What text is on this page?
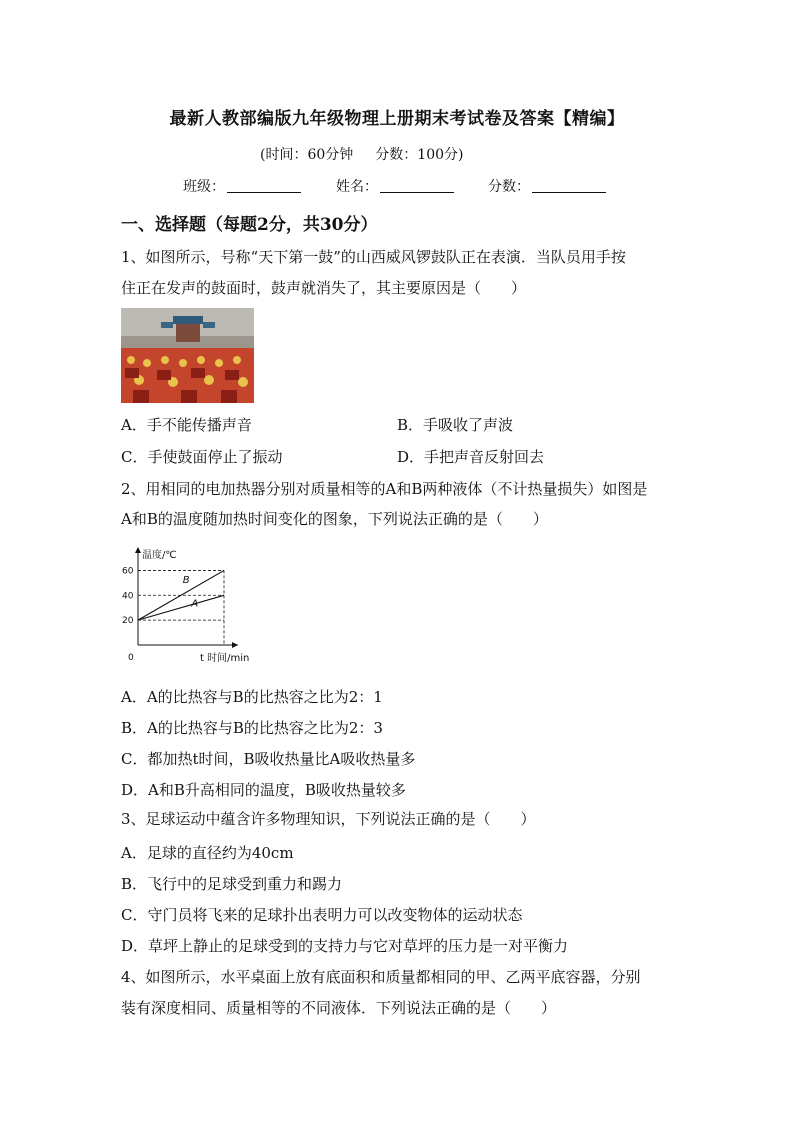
最新人教部编版九年级物理上册期末考试卷及答案【精编】
(时间：60分钟 分数：100分)
班级：	姓名：	分数：
一、选择题（每题2分，共30分）
1、如图所示，号称“天下第一鼓”的山西威风锣鼓队正在表演．当队员用手按
住正在发声的鼓面时，鼓声就消失了，其主要原因是（　　）
A．手不能传播声音	B．手吸收了声波
C．手使鼓面停止了振动	D．手把声音反射回去
2、用相同的电加热器分别对质量相等的A和B两种液体（不计热量损失）如图是
A和B的温度随加热时间变化的图象，下列说法正确的是（　　）
温度/℃
t 时间/min
0
20
40
60
A
B
A．A的比热容与B的比热容之比为2：1
B．A的比热容与B的比热容之比为2：3
C．都加热t时间，B吸收热量比A吸收热量多
D．A和B升高相同的温度，B吸收热量较多
3、足球运动中蕴含许多物理知识，下列说法正确的是（　　）
A．足球的直径约为40cm
B．飞行中的足球受到重力和踢力
C．守门员将飞来的足球扑出表明力可以改变物体的运动状态
D．草坪上静止的足球受到的支持力与它对草坪的压力是一对平衡力
4、如图所示，水平桌面上放有底面积和质量都相同的甲、乙两平底容器，分别
装有深度相同、质量相等的不同液体．下列说法正确的是（　　）
